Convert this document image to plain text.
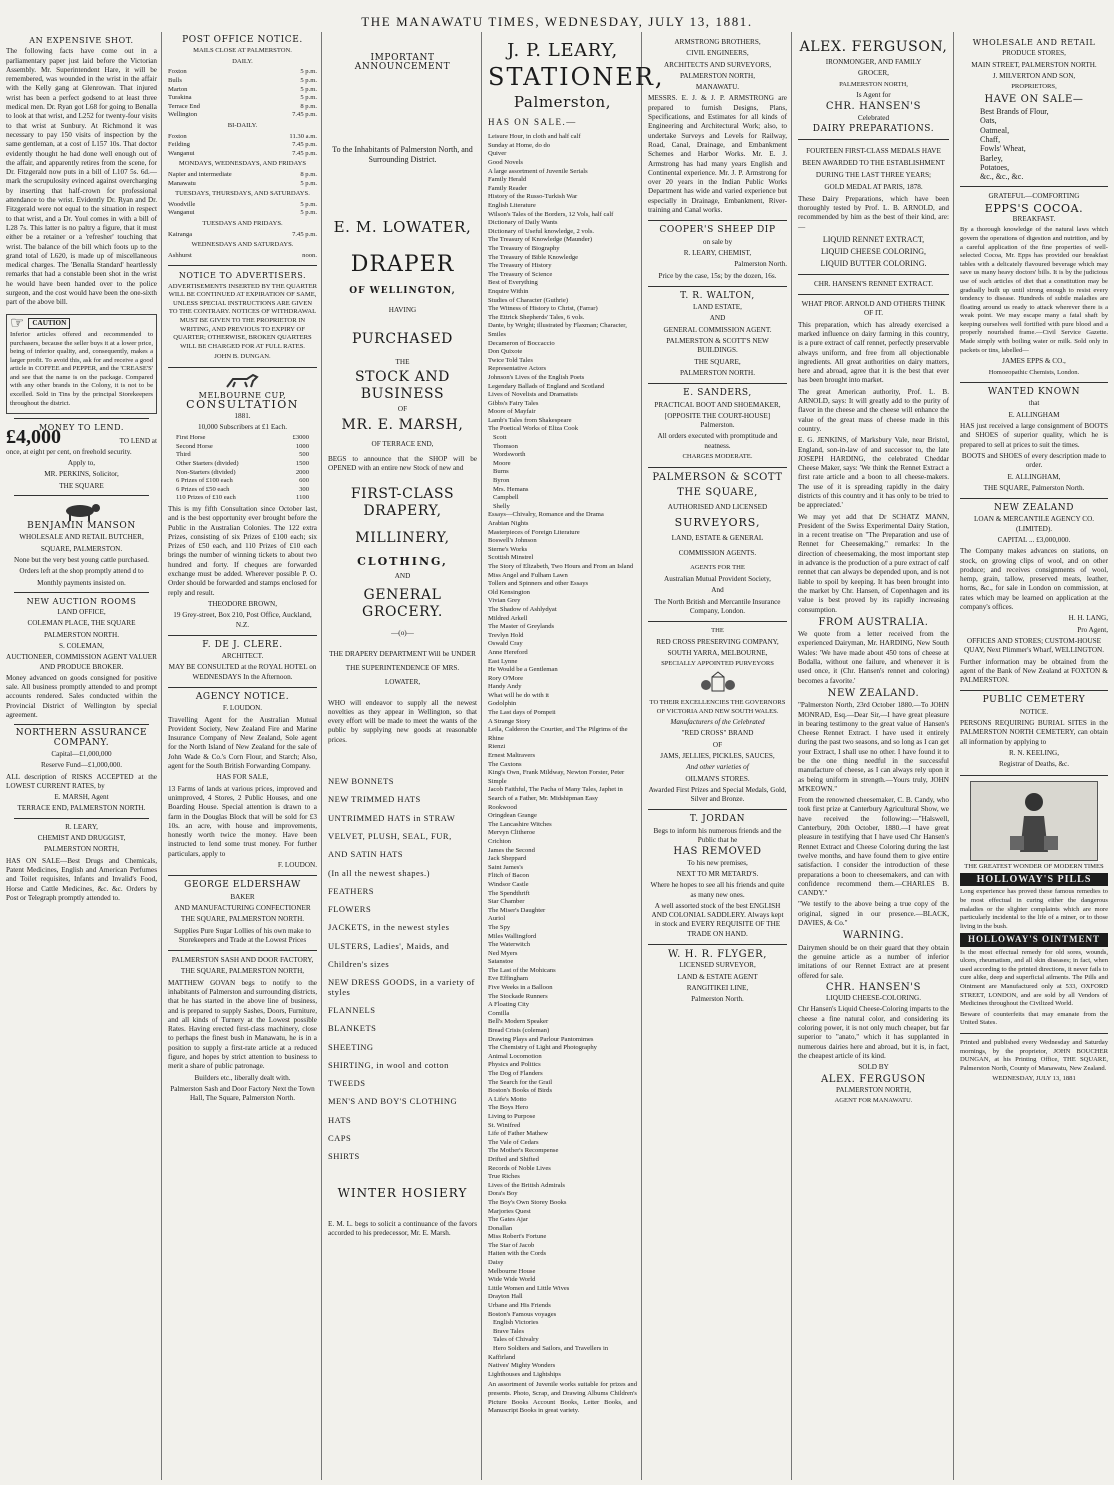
THE MANAWATU TIMES, WEDNESDAY, JULY 13, 1881.
AN EXPENSIVE SHOT.

The following facts have come out in a parliamentary paper just laid before the Victorian Assembly. Mr. Superintendent Hare, it will be remembered, was wounded in the wrist in the affair with the Kelly gang at Glenrowan. That injured wrist has been a perfect godsend to at least three medical men. Dr. Ryan got L68 for going to Benalla to look at that wrist, and L252 for twenty-four visits to that wrist at Sunbury. At Richmond it was necessary to pay 150 visits of inspection by the same gentleman, at a cost of L157 10s. That doctor evidently thought he had done well enough out of the affair, and apparently retires from the scene, for Dr. Fitzgerald now puts in a bill of L107 5s. 6d.—mark the scrupulosity evinced against overcharging by inserting that half-crown for professional attendance to the wrist. Evidently Dr. Ryan and Dr. Fitzgerald were not equal to the situation in respect to that wrist, and a Dr. Youl comes in with a bill of L28 7s. This latter is no paltry a figure, that it must either be a retainer or a 'refresher' touching that wrist. The balance of the bill which foots up to the grand total of L620, is made up of miscellaneous medical charges. The 'Benalla Standard' heartlessly remarks that had a constable been shot in the wrist he would have been handed over to the police surgeon, and the cost would have been the one-sixth part of the above bill.

☞	CAUTION

Inferior articles offered and recommended to purchasers, because the seller buys it at a lower price, being of inferior quality, and, consequently, makes a larger profit. To avoid this, ask for and receive a good article in COFFEE and PEPPER, and the 'CREASE'S' and see that the name is on the package. Compared with any other brands in the Colony, it is not to be excelled. Sold in Tins by the principal Storekeepers throughout the district.

MONEY TO LEND.
£4,000	TO LEND at

once, at eight per cent, on freehold security.

Apply to,

MR. PERKINS, Solicitor,

THE SQUARE

BENJAMIN MANSON

WHOLESALE AND RETAIL BUTCHER,

SQUARE, PALMERSTON.

None but the very best young cattle purchased.

Orders left at the shop promptly attend d to

Monthly payments insisted on.

NEW AUCTION ROOMS

LAND OFFICE,

COLEMAN PLACE, THE SQUARE

PALMERSTON NORTH.

S. COLEMAN,

AUCTIONEER, COMMISSION AGENT VALUER AND PRODUCE BROKER.

Money advanced on goods consigned for positive sale. All business promptly attended to and prompt accounts rendered. Sales conducted within the Provincial District of Wellington by special agreement.

NORTHERN ASSURANCE COMPANY.

Capital—£1,000,000

Reserve Fund—£1,000,000.

ALL description of RISKS ACCEPTED at the LOWEST CURRENT RATES, by

E. MARSH, Agent

TERRACE END, PALMERSTON NORTH.

R. LEARY,

CHEMIST AND DRUGGIST,

PALMERSTON NORTH,

HAS ON SALE—Best Drugs and Chemicals, Patent Medicines, English and American Perfumes and Toilet requisites, Infants and Invalid's Food, Horse and Cattle Medicines, &c. &c. Orders by Post or Telegraph promptly attended to.

POST OFFICE NOTICE.

MAILS CLOSE AT PALMERSTON.

DAILY.

Foxton	5 p.m.
Bulls	5 p.m.
Marton	5 p.m.
Turakina	5 p.m.
Terrace End	8 p.m.
Wellington	7.45 p.m.

BI-DAILY.

Foxton	11.30 a.m.
Feilding	7.45 p.m.
Wanganui	7.45 p.m.

MONDAYS, WEDNESDAYS, AND FRIDAYS

Napier and intermediate	8 p.m.
Manawatu	5 p.m.

TUESDAYS, THURSDAYS, AND SATURDAYS.

Woodville	5 p.m.
Wanganui	5 p.m.

TUESDAYS AND FRIDAYS.

Kairanga	7.45 p.m.

WEDNESDAYS AND SATURDAYS.

Ashhurst	noon.
NOTICE TO ADVERTISERS.

ADVERTISEMENTS INSERTED BY THE QUARTER WILL BE CONTINUED AT EXPIRATION OF SAME, UNLESS SPECIAL INSTRUCTIONS ARE GIVEN TO THE CONTRARY. NOTICES OF WITHDRAWAL MUST BE GIVEN TO THE PROPRIETOR IN WRITING, AND PREVIOUS TO EXPIRY OF QUARTER; OTHERWISE, BROKEN QUARTERS WILL BE CHARGED FOR AT FULL RATES.

JOHN B. DUNGAN.

MELBOURNE CUP,
CONSULTATION

1881.

10,000 Subscribers at £1 Each.

First Horse	£3000
Second Horse	1000
Third	500
Other Starters (divided)	1500
Non-Starters (divided)	2000
6 Prizes of £100 each	600
6 Prizes of £50 each	300
110 Prizes of £10 each	1100

This is my fifth Consultation since October last, and is the best opportunity ever brought before the Public in the Australian Colonies. The 122 extra Prizes, consisting of six Prizes of £100 each; six Prizes of £50 each, and 110 Prizes of £10 each brings the number of winning tickets to about two hundred and forty. If cheques are forwarded exchange must be added. Wherever possible P. O. Order should be forwarded and stamps enclosed for reply and result.

THEODORE BROWN,

19 Grey-street, Box 210, Post Office, Auckland, N.Z.

F. DE J. CLERE.

ARCHITECT.

MAY BE CONSULTED at the ROYAL HOTEL on WEDNESDAYS In the Afternoon.

AGENCY NOTICE.

F. LOUDON.

Travelling Agent for the Australian Mutual Provident Society, New Zealand Fire and Marine Insurance Company of New Zealand, Sole agent for the North Island of New Zealand for the sale of John Wade & Co.'s Corn Flour, and Starch; Also, agent for the South British Forwarding Company.

HAS FOR SALE,

13 Farms of lands at various prices, improved and unimproved, 4 Stores, 2 Public Houses, and one Boarding House. Special attention is drawn to a farm in the Douglas Block that will be sold for £3 10s. an acre, with house and improvements, honestly worth twice the money. Have been instructed to lend some trust money. For further particulars, apply to

F. LOUDON.

GEORGE ELDERSHAW

BAKER

AND MANUFACTURING CONFECTIONER

THE SQUARE, PALMERSTON NORTH.

Supplies Pure Sugar Lollies of his own make to Storekeepers and Trade at the Lowest Prices

PALMERSTON SASH AND DOOR FACTORY,

THE SQUARE, PALMERSTON NORTH,

MATTHEW GOVAN begs to notify to the inhabitants of Palmerston and surrounding districts, that he has started in the above line of business, and is prepared to supply Sashes, Doors, Furniture, and all kinds of Turnery at the Lowest possible Rates. Having erected first-class machinery, close to perhaps the finest bush in Manawatu, he is in a position to supply a first-rate article at a reduced figure, and hopes by strict attention to business to merit a share of public patronage.

Builders etc., liberally dealt with.

Palmerston Sash and Door Factory Next the Town Hall, The Square, Palmerston North.

IMPORTANT ANNOUNCEMENT

To the Inhabitants of Palmerston North, and Surrounding District.

E. M. LOWATER,
DRAPER
OF WELLINGTON,

HAVING

PURCHASED

THE

STOCK AND BUSINESS

OF

MR. E. MARSH,

OF TERRACE END,

BEGS to announce that the SHOP will be OPENED with an entire new Stock of new and

FIRST-CLASS DRAPERY,
MILLINERY,
CLOTHING,

AND

GENERAL GROCERY.

—(o)—

THE DRAPERY DEPARTMENT Will be UNDER THE SUPERINTENDENCE OF MRS. LOWATER,

WHO will endeavor to supply all the newest novelties as they appear in Wellington, so that every effort will be made to meet the wants of the public by supplying new goods at reasonable prices.

NEW BONNETS

NEW TRIMMED HATS

UNTRIMMED HATS in STRAW

VELVET, PLUSH, SEAL, FUR,

AND SATIN HATS

(In all the newest shapes.)

FEATHERS

FLOWERS

JACKETS, in the newest styles

ULSTERS, Ladies', Maids, and

Children's sizes

NEW DRESS GOODS, in a variety of styles

FLANNELS

BLANKETS

SHEETING

SHIRTING, in wool and cotton

TWEEDS

MEN'S AND BOY'S CLOTHING

HATS

CAPS

SHIRTS

WINTER HOSIERY

E. M. L. begs to solicit a continuance of the favors accorded to his predecessor, Mr. E. Marsh.

J. P. LEARY,
STATIONER,
Palmerston,

HAS ON SALE.—

Leisure Hour, in cloth and half calf

Sunday at Home, do do

Quiver

Good Novels

A large assortment of Juvenile Serials

Family Herald

Family Reader

History of the Russo-Turkish War

English Literature

Wilson's Tales of the Borders, 12 Vols, half calf

Dictionary of Daily Wants

Dictionary of Useful knowledge, 2 vols.

The Treasury of Knowledge (Maunder)

The Treasury of Biography

The Treasury of Bible Knowledge

The Treasury of History

The Treasury of Science

Best of Everything

Enquire Within

Studies of Character (Guthrie)

The Witness of History to Christ, (Farrar)

The Ettrick Shepherds' Tales, 6 vols.

Dante, by Wright; illustrated by Flaxman; Character, Smiles

Decameron of Boccaccio

Don Quixote

Twice Told Tales

Representative Actors

Johnson's Lives of the English Poets

Legendary Ballads of England and Scotland

Lives of Novelists and Dramatists

Gibbs's Fairy Tales

Moore of Mayfair

Lamb's Tales from Shakespeare

The Poetical Works of Eliza Cook

Scott

Thomson

Wordsworth

Moore

Burns

Byron

Mrs. Hemans

Campbell

Shelly

Essays—Chivalry, Romance and the Drama

Arabian Nights

Masterpieces of Foreign Literature

Boswell's Johnson

Sterne's Works

Scottish Minstrel

The Story of Elizabeth, Two Hours and From an Island

Miss Angel and Fulham Lawn

Tollers and Spinners and other Essays

Old Kensington

Vivian Grey

The Shadow of Ashlydyat

Mildred Arkell

The Master of Greylands

Trevlyn Hold

Oswald Cray

Anne Hereford

East Lynne

He Would be a Gentleman

Rory O'More

Handy Andy

What will he do with it

Godolphin

The Last days of Pompeii

A Strange Story

Leila, Calderon the Courtier, and The Pilgrims of the Rhine

Rienzi

Ernest Maltravers

The Caxtons

King's Own, Frank Mildway, Newton Forster, Peter Simple

Jacob Faithful, The Pacha of Many Tales, Japhet in Search of a Father, Mr. Midshipman Easy

Rookwood

Oringdean Grange

The Lancashire Witches

Mervyn Clitheroe

Crichton

James the Second

Jack Sheppard

Saint James's

Flitch of Bacon

Windsor Castle

The Spendthrift

Star Chamber

The Miser's Daughter

Auriol

The Spy

Miles Wallingford

The Waterwitch

Ned Myers

Satanstoe

The Last of the Mohicans

Eve Effingham

Five Weeks in a Balloon

The Stockade Runners

A Floating City

Comilla

Bell's Modern Speaker

Bread Crisis (coleman)

Drawing Plays and Parlour Pantomimes

The Chemistry of Light and Photography

Animal Locomotion

Physics and Politics

The Dog of Flanders

The Search for the Grail

Boston's Books of Birds

A Life's Motto

The Boys Hero

Living to Purpose

St. Winifred

Life of Father Mathew

The Vale of Cedars

The Mother's Recompense

Drifted and Shifted

Records of Noble Lives

True Riches

Lives of the British Admirals

Dora's Boy

The Boy's Own Storey Books

Marjories Quest

The Gates Ajar

Donallan

Miss Robert's Fortune

The Star of Jacob

Haiten with the Cords

Daisy

Melbourne House

Wide Wide World

Little Women and Little Wives

Drayton Hall

Urbane and His Friends

Boston's Famous voyages

English Victories

Brave Tales

Tales of Chivalry

Hero Soldiers and Sailors, and Travellers in Kaffirland

Natives' Mighty Wonders

Lighthouses and Lightships

An assortment of Juvenile works suitable for prizes and presents. Photo, Scrap, and Drawing Albums Children's Picture Books Account Books, Letter Books, and Manuscript Books in great variety.

ARMSTRONG BROTHERS,

CIVIL ENGINEERS,

ARCHITECTS AND SURVEYORS,

PALMERSTON NORTH,

MANAWATU.

MESSRS. E. J. & J. P. ARMSTRONG are prepared to furnish Designs, Plans, Specifications, and Estimates for all kinds of Engineering and Architectural Work; also, to undertake Surveys and Levels for Railway, Road, Canal, Drainage, and Embankment Schemes and Harbor Works. Mr. E. J. Armstrong has had many years English and Continental experience. Mr. J. P. Armstrong for over 20 years in the Indian Public Works Department has wide and varied experience but especially in Drainage, Embankment, River-training and Canal works.

COOPER'S SHEEP DIP

on sale by

R. LEARY, CHEMIST,

Palmerston North.

Price by the case, 15s; by the dozen, 16s.

T. R. WALTON,

LAND ESTATE,

AND

GENERAL COMMISSION AGENT.

PALMERSTON & SCOTT'S NEW BUILDINGS.

THE SQUARE,

PALMERSTON NORTH.

E. SANDERS,

PRACTICAL BOOT AND SHOEMAKER,

[OPPOSITE THE COURT-HOUSE] Palmerston.

All orders executed with promptitude and neatness.

CHARGES MODERATE.

PALMERSON & SCOTT
THE SQUARE,

AUTHORISED AND LICENSED

SURVEYORS,

LAND, ESTATE & GENERAL

COMMISSION AGENTS.

AGENTS FOR THE

Australian Mutual Provident Society,

And

The North British and Mercantile Insurance Company, London.

THE

RED CROSS PRESERVING COMPANY,

SOUTH YARRA, MELBOURNE,

SPECIALLY APPOINTED PURVEYORS

TO THEIR EXCELLENCIES THE GOVERNORS OF VICTORIA AND NEW SOUTH WALES.

Manufacturers of the Celebrated

"RED CROSS" BRAND

OF

JAMS, JELLIES, PICKLES, SAUCES,

And other varieties of

OILMAN'S STORES.

Awarded First Prizes and Special Medals, Gold, Silver and Bronze.

T. JORDAN

Begs to inform his numerous friends and the Public that he

HAS REMOVED

To his new premises,

NEXT TO MR METARD'S.

Where he hopes to see all his friends and quite as many new ones.

A well assorted stock of the best ENGLISH AND COLONIAL SADDLERY. Always kept in stock and EVERY REQUISITE OF THE TRADE ON HAND.

W. H. R. FLYGER,

LICENSED SURVEYOR,

LAND & ESTATE AGENT

RANGITIKEI LINE,

Palmerston North.

ALEX. FERGUSON,

IRONMONGER, AND FAMILY

GROCER,

PALMERSTON NORTH,

Is Agent for

CHR. HANSEN'S

Celebrated

DAIRY PREPARATIONS.

FOURTEEN FIRST-CLASS MEDALS HAVE BEEN AWARDED TO THE ESTABLISHMENT DURING THE LAST THREE YEARS;

GOLD MEDAL AT PARIS, 1878.

These Dairy Preparations, which have been thoroughly tested by Prof. L. B. ARNOLD, and recommended by him as the best of their kind, are:—

LIQUID RENNET EXTRACT,

LIQUID CHEESE COLORING,

LIQUID BUTTER COLORING.

CHR. HANSEN'S RENNET EXTRACT.

WHAT PROF. ARNOLD AND OTHERS THINK OF IT.

This preparation, which has already exercised a marked influence on dairy farming in this country, is a pure extract of calf rennet, perfectly preservable always uniform, and free from all objectionable ingredients. All great authorities on dairy matters, here and abroad, agree that it is the best that ever has been brought into market.

The great American authority, Prof. L. B. ARNOLD, says: It will greatly add to the purity of flavor in the cheese and the cheese will enhance the value of the great mass of cheese made in this country.

E. G. JENKINS, of Marksbury Vale, near Bristol, England, son-in-law of and successor to, the late JOSEPH HARDING, the celebrated Cheddar Cheese Maker, says: 'We think the Rennet Extract a first rate article and a boon to all cheese-makers. The use of it is spreading rapidly in the dairy districts of this country and it has only to be tried to be appreciated.'

We may yet add that Dr SCHATZ MANN, President of the Swiss Experimental Dairy Station, in a recent treatise on "The Preparation and use of Rennet for Cheesemaking," remarks: In the direction of cheesemaking, the most important step in advance is the production of a pure extract of calf rennet that can always be depended upon, and is not liable to spoil by keeping. It has been brought into the market by Chr. Hansen, of Copenhagen and its value is best proved by its rapidly increasing consumption.

FROM AUSTRALIA.

We quote from a letter received from the experienced Dairyman, Mr. HARDING, New South Wales: 'We have made about 450 tons of cheese at Bodalla, without one failure, and whenever it is used once, it (Chr. Hansen's rennet and coloring) becomes a favorite.'

NEW ZEALAND.

"Palmerston North, 23rd October 1880.—To JOHN MONRAD, Esq.—Dear Sir,—I have great pleasure in bearing testimony to the great value of Hansen's Cheese Rennet Extract. I have used it entirely during the past two seasons, and so long as I can get your Extract, I shall use no other. I have found it to be the one thing needful in the successful manufacture of cheese, as I can always rely upon it as being uniform in strength.—Yours truly, JOHN M'KEOWN."

From the renowned cheesemaker, C. B. Candy, who took first prize at Canterbury Agricultural Show, we have received the following:—"Halswell, Canterbury, 20th October, 1880.—I have great pleasure in testifying that I have used Chr Hansen's Rennet Extract and Cheese Coloring during the last twelve months, and have found them to give entire satisfaction. I consider the introduction of these preparations a boon to cheesemakers, and can with confidence recommend them.—CHARLES B. CANDY."

"We testify to the above being a true copy of the original, signed in our presence.—BLACK, DAVIES, & Co."

WARNING.

Dairymen should be on their guard that they obtain the genuine article as a number of inferior imitations of our Rennet Extract are at present offered for sale.

CHR. HANSEN'S

LIQUID CHEESE-COLORING.

Chr Hansen's Liquid Cheese-Coloring imparts to the cheese a fine natural color, and considering its coloring power, it is not only much cheaper, but far superior to "anato," which it has supplanted in numerous dairies here and abroad, but it is, in fact, the cheapest article of its kind.

SOLD BY

ALEX. FERGUSON

PALMERSTON NORTH,

AGENT FOR MANAWATU.

WHOLESALE AND RETAIL

PRODUCE STORES,

MAIN STREET, PALMERSTON NORTH.

J. MILVERTON AND SON,

PROPRIETORS,

HAVE ON SALE—

Best Brands of Flour,

Oats,

Oatmeal,

Chaff,

Fowls' Wheat,

Barley,

Potatoes,

&c., &c., &c.

GRATEFUL—COMFORTING

EPPS'S COCOA.

BREAKFAST.

By a thorough knowledge of the natural laws which govern the operations of digestion and nutrition, and by a careful application of the fine properties of well-selected Cocoa, Mr. Epps has provided our breakfast tables with a delicately flavoured beverage which may save us many heavy doctors' bills. It is by the judicious use of such articles of diet that a constitution may be gradually built up until strong enough to resist every tendency to disease. Hundreds of subtle maladies are floating around us ready to attack wherever there is a weak point. We may escape many a fatal shaft by keeping ourselves well fortified with pure blood and a properly nourished frame.—Civil Service Gazette. Made simply with boiling water or milk. Sold only in packets or tins, labelled—

JAMES EPPS & CO.,

Homoeopathic Chemists, London.

WANTED KNOWN

that

E. ALLINGHAM

HAS just received a large consignment of BOOTS and SHOES of superior quality, which he is prepared to sell at prices to suit the times.

BOOTS and SHOES of every description made to order.

E. ALLINGHAM,

THE SQUARE, Palmerston North.

NEW ZEALAND

LOAN & MERCANTILE AGENCY CO. (LIMITED).

CAPITAL ... £3,000,000.

The Company makes advances on stations, on stock, on growing clips of wool, and on other produce; and receives consignments of wool, hemp, grain, tallow, preserved meats, leather, horns, &c., for sale in London on commission, at rates which may be learned on application at the company's offices.

H. H. LANG,

Pro Agent,

OFFICES AND STORES; CUSTOM-HOUSE QUAY, Next Plimmer's Wharf, WELLINGTON.

Further information may be obtained from the agent of the Bank of New Zealand at FOXTON & PALMERSTON.

PUBLIC CEMETERY

NOTICE.

PERSONS REQUIRING BURIAL SITES in the PALMERSTON NORTH CEMETERY, can obtain all information by applying to

R. N. KEELING,

Registrar of Deaths, &c.

THE GREATEST WONDER OF MODERN TIMES

HOLLOWAY'S PILLS

Long experience has proved these famous remedies to be most effectual in curing either the dangerous maladies or the slighter complaints which are more particularly incidental to the life of a miner, or to those living in the bush.

HOLLOWAY'S OINTMENT

Is the most effectual remedy for old sores, wounds, ulcers, rheumatism, and all skin diseases; in fact, when used according to the printed directions, it never fails to cure alike, deep and superficial ailments. The Pills and Ointment are Manufactured only at 533, OXFORD STREET, LONDON, and are sold by all Vendors of Medicines throughout the Civilized World.

Beware of counterfeits that may emanate from the United States.

Printed and published every Wednesday and Saturday mornings, by the proprietor, JOHN BOUCHER DUNGAN, at his Printing Office, THE SQUARE, Palmerston North, County of Manawatu, New Zealand.

WEDNESDAY, JULY 13, 1881
